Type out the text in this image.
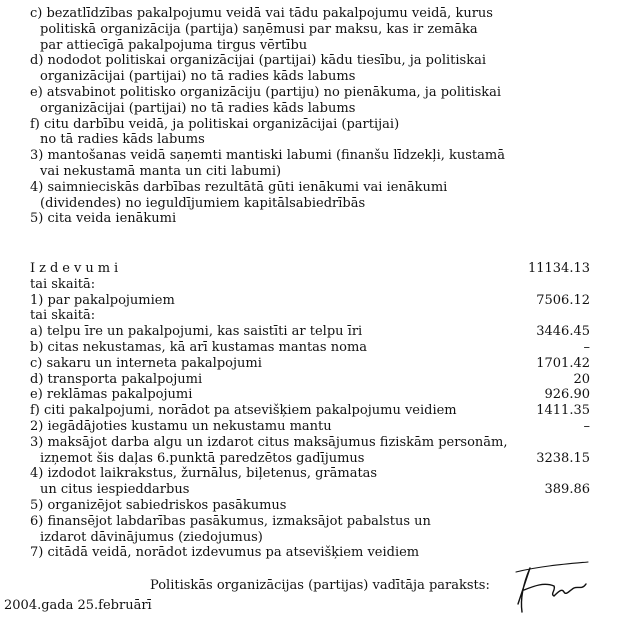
c) bezatlīdzības pakalpojumu veidā vai tādu pakalpojumu veidā, kurus
politiskā organizācija (partija) saņēmusi par maksu, kas ir zemāka
par attiecīgā pakalpojuma tirgus vērtību
d) nododot politiskai organizācijai (partijai) kādu tiesību, ja politiskai
organizācijai (partijai) no tā radies kāds labums
e) atsvabinot politisko organizāciju (partiju) no pienākuma, ja politiskai
organizācijai (partijai) no tā radies kāds labums
f) citu darbību veidā, ja politiskai organizācijai (partijai)
no tā radies kāds labums
3) mantošanas veidā saņemti mantiski labumi (finanšu līdzekļi, kustamā
vai nekustamā manta un citi labumi)
4) saimnieciskās darbības rezultātā gūti ienākumi vai ienākumi
(dividendes) no ieguldījumiem kapitālsabiedrībās
5) cita veida ienākumi
Izdevumi	11134.13
tai skaitā:
1) par pakalpojumiem	7506.12
tai skaitā:
a) telpu īre un pakalpojumi, kas saistīti ar telpu īri	3446.45
b) citas nekustamas, kā arī kustamas mantas noma	–
c) sakaru un interneta pakalpojumi	1701.42
d) transporta pakalpojumi	20
e) reklāmas pakalpojumi	926.90
f) citi pakalpojumi, norādot pa atsevišķiem pakalpojumu veidiem	1411.35
2) iegādājoties kustamu un nekustamu mantu	–
3) maksājot darba algu un izdarot citus maksājumus fiziskām personām,
izņemot šis daļas 6.punktā paredzētos gadījumus	3238.15
4) izdodot laikrakstus, žurnālus, biļetenus, grāmatas
un citus iespieddarbus	389.86
5) organizējot sabiedriskos pasākumus
6) finansējot labdarības pasākumus, izmaksājot pabalstus un
izdarot dāvinājumus (ziedojumus)
7) citādā veidā, norādot izdevumus pa atsevišķiem veidiem
Politiskās organizācijas (partijas) vadītāja paraksts:
2004.gada 25.februārī
